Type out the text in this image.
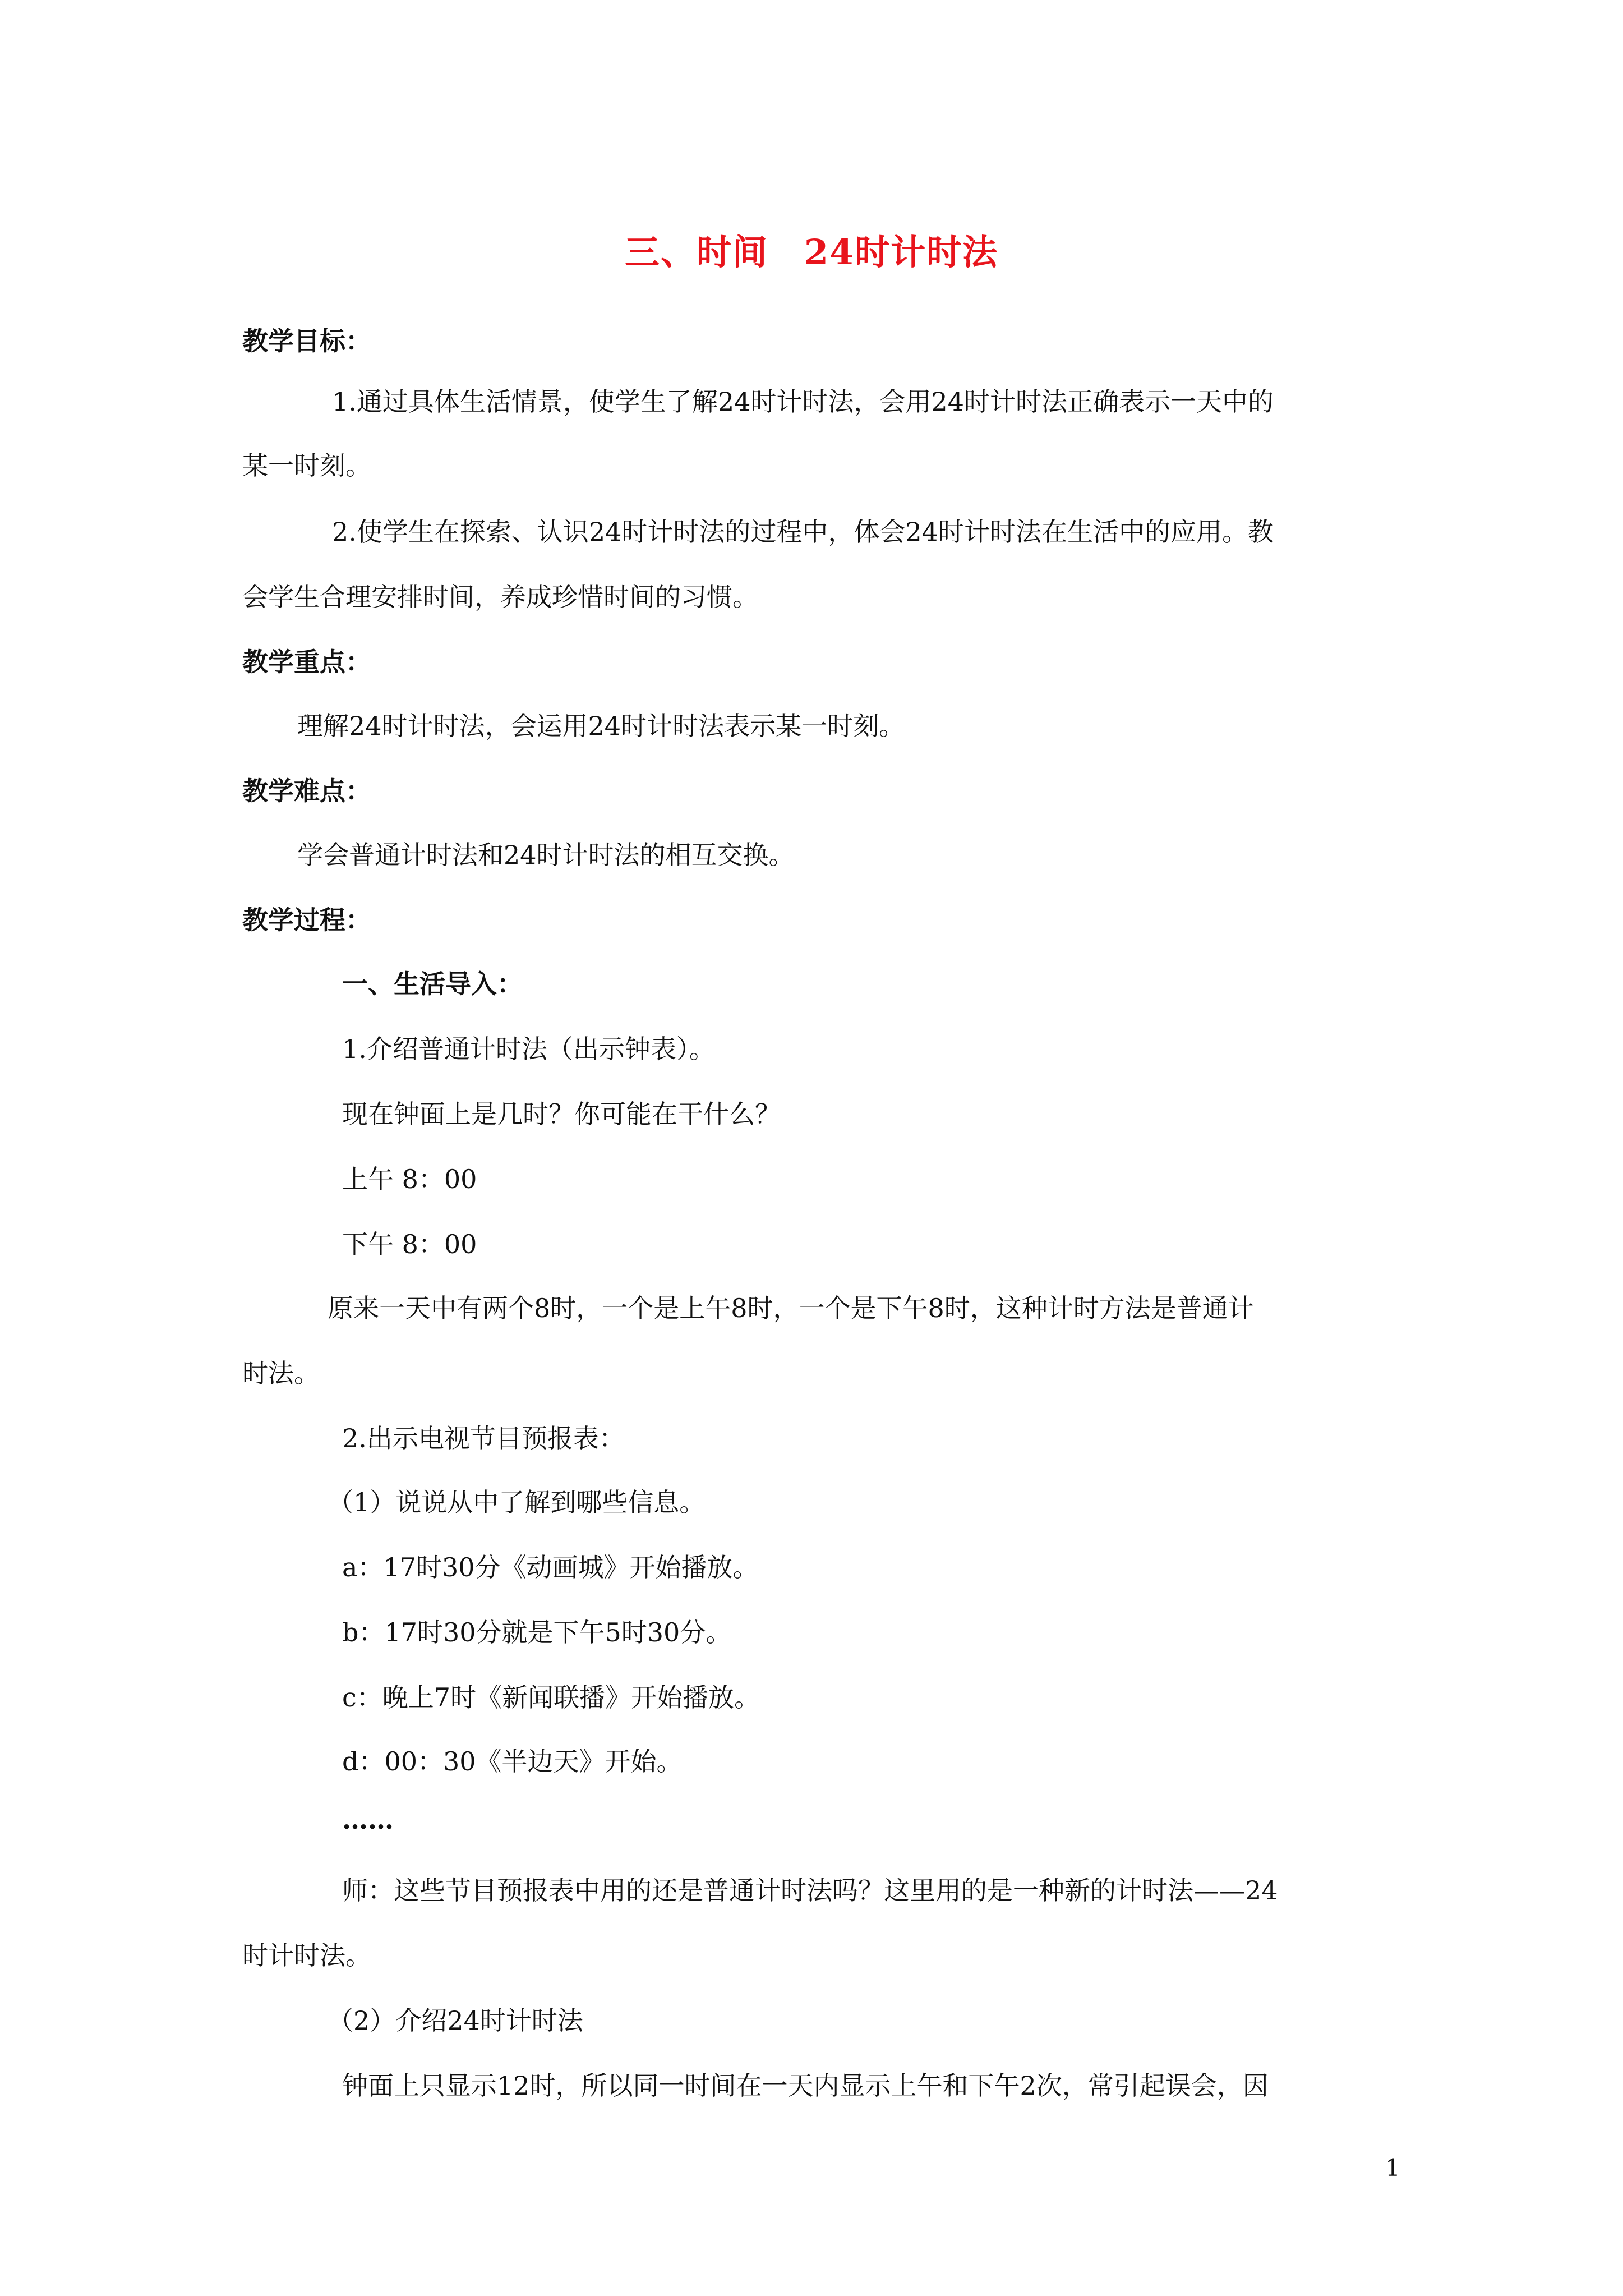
三、时间　24时计时法
教学目标：
1.通过具体生活情景，使学生了解24时计时法，会用24时计时法正确表示一天中的
某一时刻。
2.使学生在探索、认识24时计时法的过程中，体会24时计时法在生活中的应用。教
会学生合理安排时间，养成珍惜时间的习惯。
教学重点：
理解24时计时法，会运用24时计时法表示某一时刻。
教学难点：
学会普通计时法和24时计时法的相互交换。
教学过程：
一、生活导入：
1.介绍普通计时法（出示钟表）。
现在钟面上是几时？你可能在干什么？
上午 8：00
下午 8：00
原来一天中有两个8时，一个是上午8时，一个是下午8时，这种计时方法是普通计
时法。
2.出示电视节目预报表：
（1）说说从中了解到哪些信息。
a：17时30分《动画城》开始播放。
b：17时30分就是下午5时30分。
c：晚上7时《新闻联播》开始播放。
d：00：30《半边天》开始。
……
师：这些节目预报表中用的还是普通计时法吗？这里用的是一种新的计时法——24
时计时法。
（2）介绍24时计时法
钟面上只显示12时，所以同一时间在一天内显示上午和下午2次，常引起误会，因
1
